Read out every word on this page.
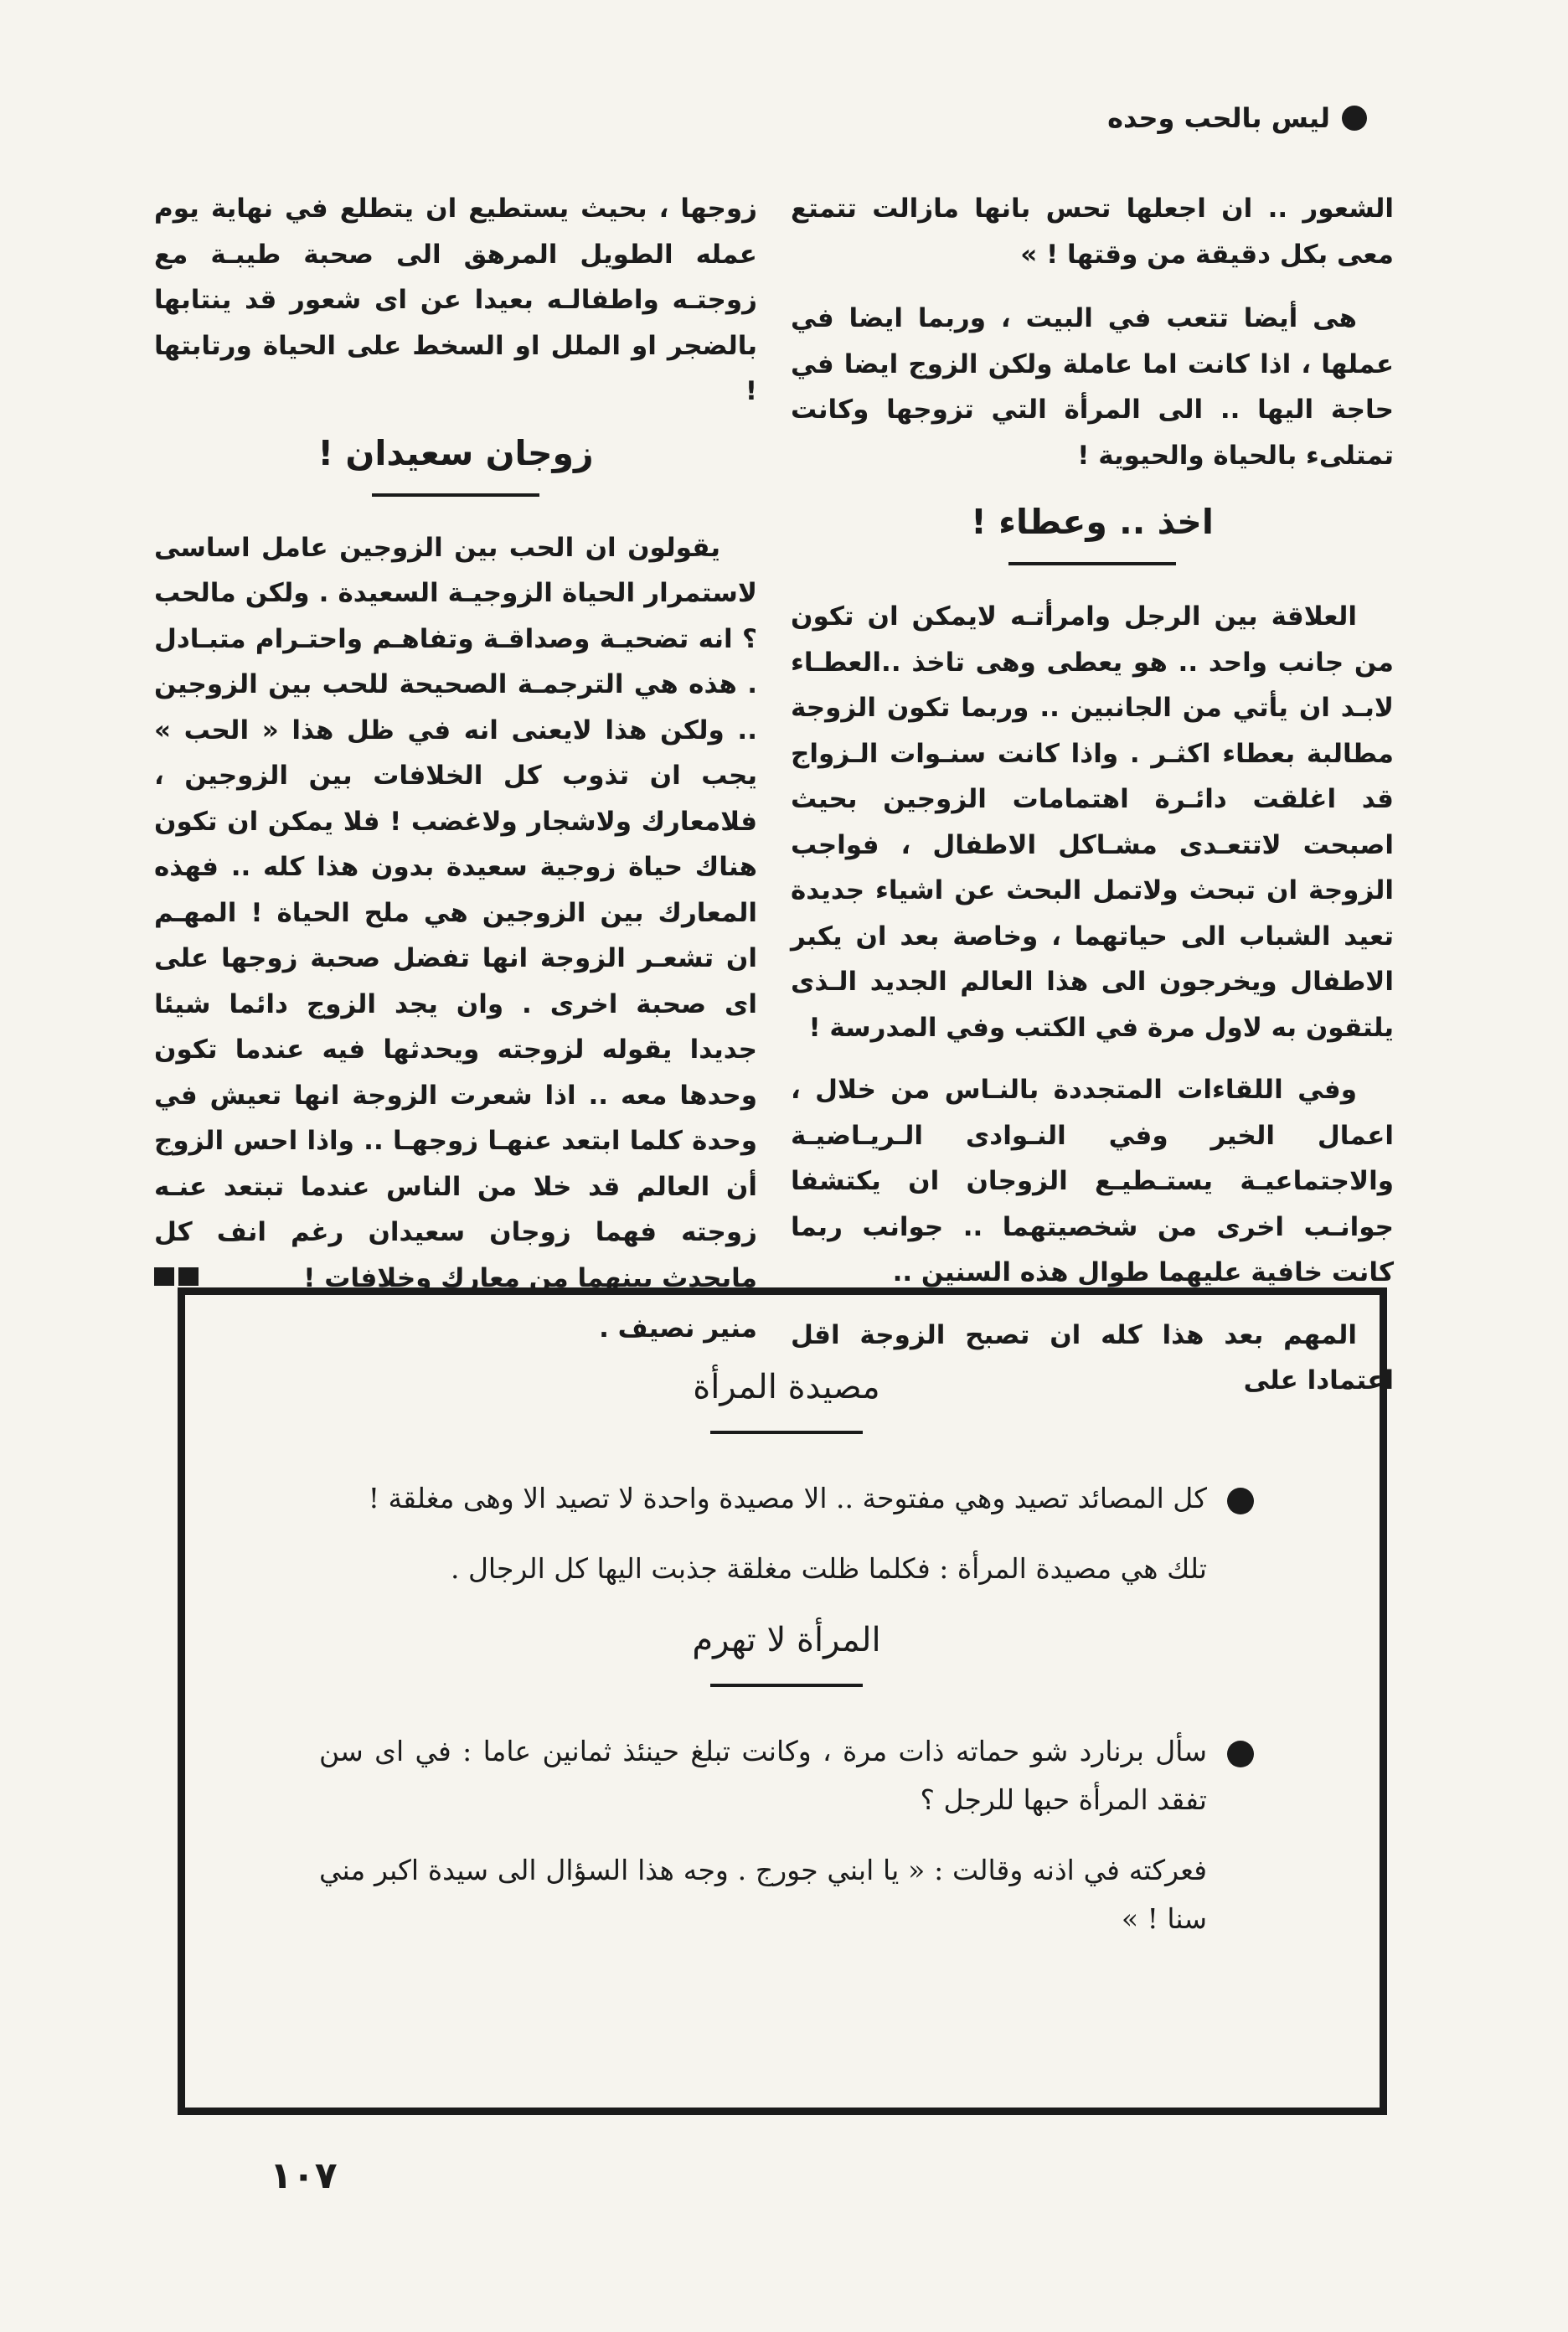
ليس بالحب وحده

الشعور .. ان اجعلها تحس بانها مازالت تتمتع معى بكل دقيقة من وقتها ! »

هى أيضا تتعب في البيت ، وربما ايضا في عملها ، اذا كانت اما عاملة ولكن الزوج ايضا في حاجة اليها .. الى المرأة التي تزوجها وكانت تمتلىء بالحياة والحيوية !

اخذ .. وعطاء !

العلاقة بين الرجل وامرأتـه لايمكن ان تكون من جانب واحد .. هو يعطى وهى تاخذ ..العطـاء لابـد ان يأتي من الجانبين .. وربما تكون الزوجة مطالبة بعطاء اكثـر . واذا كانت سنـوات الـزواج قد اغلقت دائـرة اهتمامات الزوجين بحيث اصبحت لاتتعـدى مشـاكل الاطفال ، فواجب الزوجة ان تبحث ولاتمل البحث عن اشياء جديدة تعيد الشباب الى حياتهما ، وخاصة بعد ان يكبر الاطفال ويخرجون الى هذا العالم الجديد الـذى يلتقون به لاول مرة في الكتب وفي المدرسة !

وفي اللقاءات المتجددة بالنـاس من خلال ، اعمال الخير وفي النـوادى الـريـاضيـة والاجتماعيـة يستـطيـع الزوجان ان يكتشفا جوانـب اخرى من شخصيتهما .. جوانب ربما كانت خافية عليهما طوال هذه السنين ..

المهم بعد هذا كله ان تصبح الزوجة اقل اعتمادا على

زوجها ، بحيث يستطيع ان يتطلع في نهاية يوم عمله الطويل المرهق الى صحبة طيبـة مع زوجتـه واطفالـه بعيدا عن اى شعور قد ينتابها بالضجر او الملل او السخط على الحياة ورتابتها !

زوجان سعيدان !

يقولون ان الحب بين الزوجين عامل اساسى لاستمرار الحياة الزوجيـة السعيدة . ولكن مالحب ؟ انه تضحيـة وصداقـة وتفاهـم واحتـرام متبـادل . هذه هي الترجمـة الصحيحة للحب بين الزوجين .. ولكن هذا لايعنى انه في ظل هذا « الحب » يجب ان تذوب كل الخلافات بين الزوجين ، فلامعارك ولاشجار ولاغضب ! فلا يمكن ان تكون هناك حياة زوجية سعيدة بدون هذا كله .. فهذه المعارك بين الزوجين هي ملح الحياة ! المهـم ان تشعـر الزوجة انها تفضل صحبة زوجها على اى صحبة اخرى . وان يجد الزوج دائما شيئا جديدا يقوله لزوجته ويحدثها فيه عندما تكون وحدها معه .. اذا شعرت الزوجة انها تعيش في وحدة كلما ابتعد عنهـا زوجهـا .. واذا احس الزوج أن العالم قد خلا من الناس عندما تبتعد عنـه زوجته فهما زوجان سعيدان رغم انف كل مايحدث بينهما من معارك وخلافات !

منير نصيف .
مصيدة المرأة

كل المصائد تصيد وهي مفتوحة .. الا مصيدة واحدة لا تصيد الا وهى مغلقة !

تلك هي مصيدة المرأة : فكلما ظلت مغلقة جذبت اليها كل الرجال .

المرأة لا تهرم

سأل برنارد شو حماته ذات مرة ، وكانت تبلغ حينئذ ثمانين عاما : في اى سن تفقد المرأة حبها للرجل ؟

فعركته في اذنه وقالت : « يا ابني جورج . وجه هذا السؤال الى سيدة اكبر مني سنا ! »

١٠٧
